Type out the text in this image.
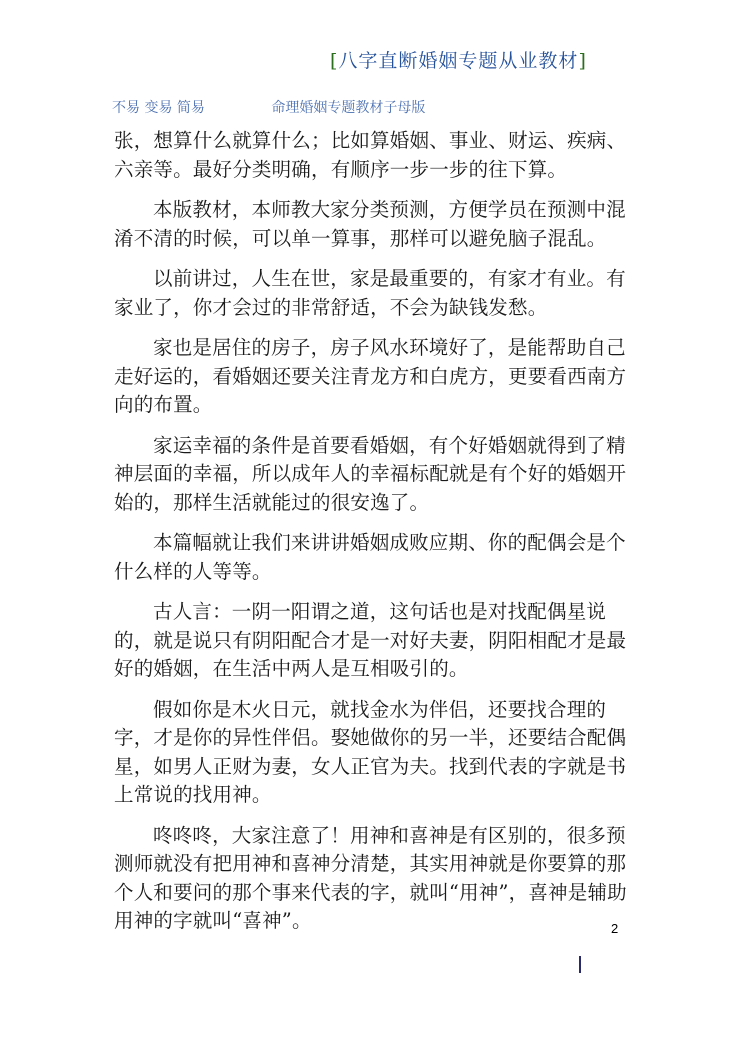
[八字直断婚姻专题从业教材]
不易 变易 简易	命理婚姻专题教材子母版

张，想算什么就算什么；比如算婚姻、事业、财运、疾病、六亲等。最好分类明确，有顺序一步一步的往下算。

本版教材，本师教大家分类预测，方便学员在预测中混淆不清的时候，可以单一算事，那样可以避免脑子混乱。

以前讲过，人生在世，家是最重要的，有家才有业。有家业了，你才会过的非常舒适，不会为缺钱发愁。

家也是居住的房子，房子风水环境好了，是能帮助自己走好运的，看婚姻还要关注青龙方和白虎方，更要看西南方向的布置。

家运幸福的条件是首要看婚姻，有个好婚姻就得到了精神层面的幸福，所以成年人的幸福标配就是有个好的婚姻开始的，那样生活就能过的很安逸了。

本篇幅就让我们来讲讲婚姻成败应期、你的配偶会是个什么样的人等等。

古人言：一阴一阳谓之道，这句话也是对找配偶星说的，就是说只有阴阳配合才是一对好夫妻，阴阳相配才是最好的婚姻，在生活中两人是互相吸引的。

假如你是木火日元，就找金水为伴侣，还要找合理的字，才是你的异性伴侣。娶她做你的另一半，还要结合配偶星，如男人正财为妻，女人正官为夫。找到代表的字就是书上常说的找用神。

咚咚咚，大家注意了！用神和喜神是有区别的，很多预测师就没有把用神和喜神分清楚，其实用神就是你要算的那个人和要问的那个事来代表的字，就叫“用神”，喜神是辅助用神的字就叫“喜神”。	2
